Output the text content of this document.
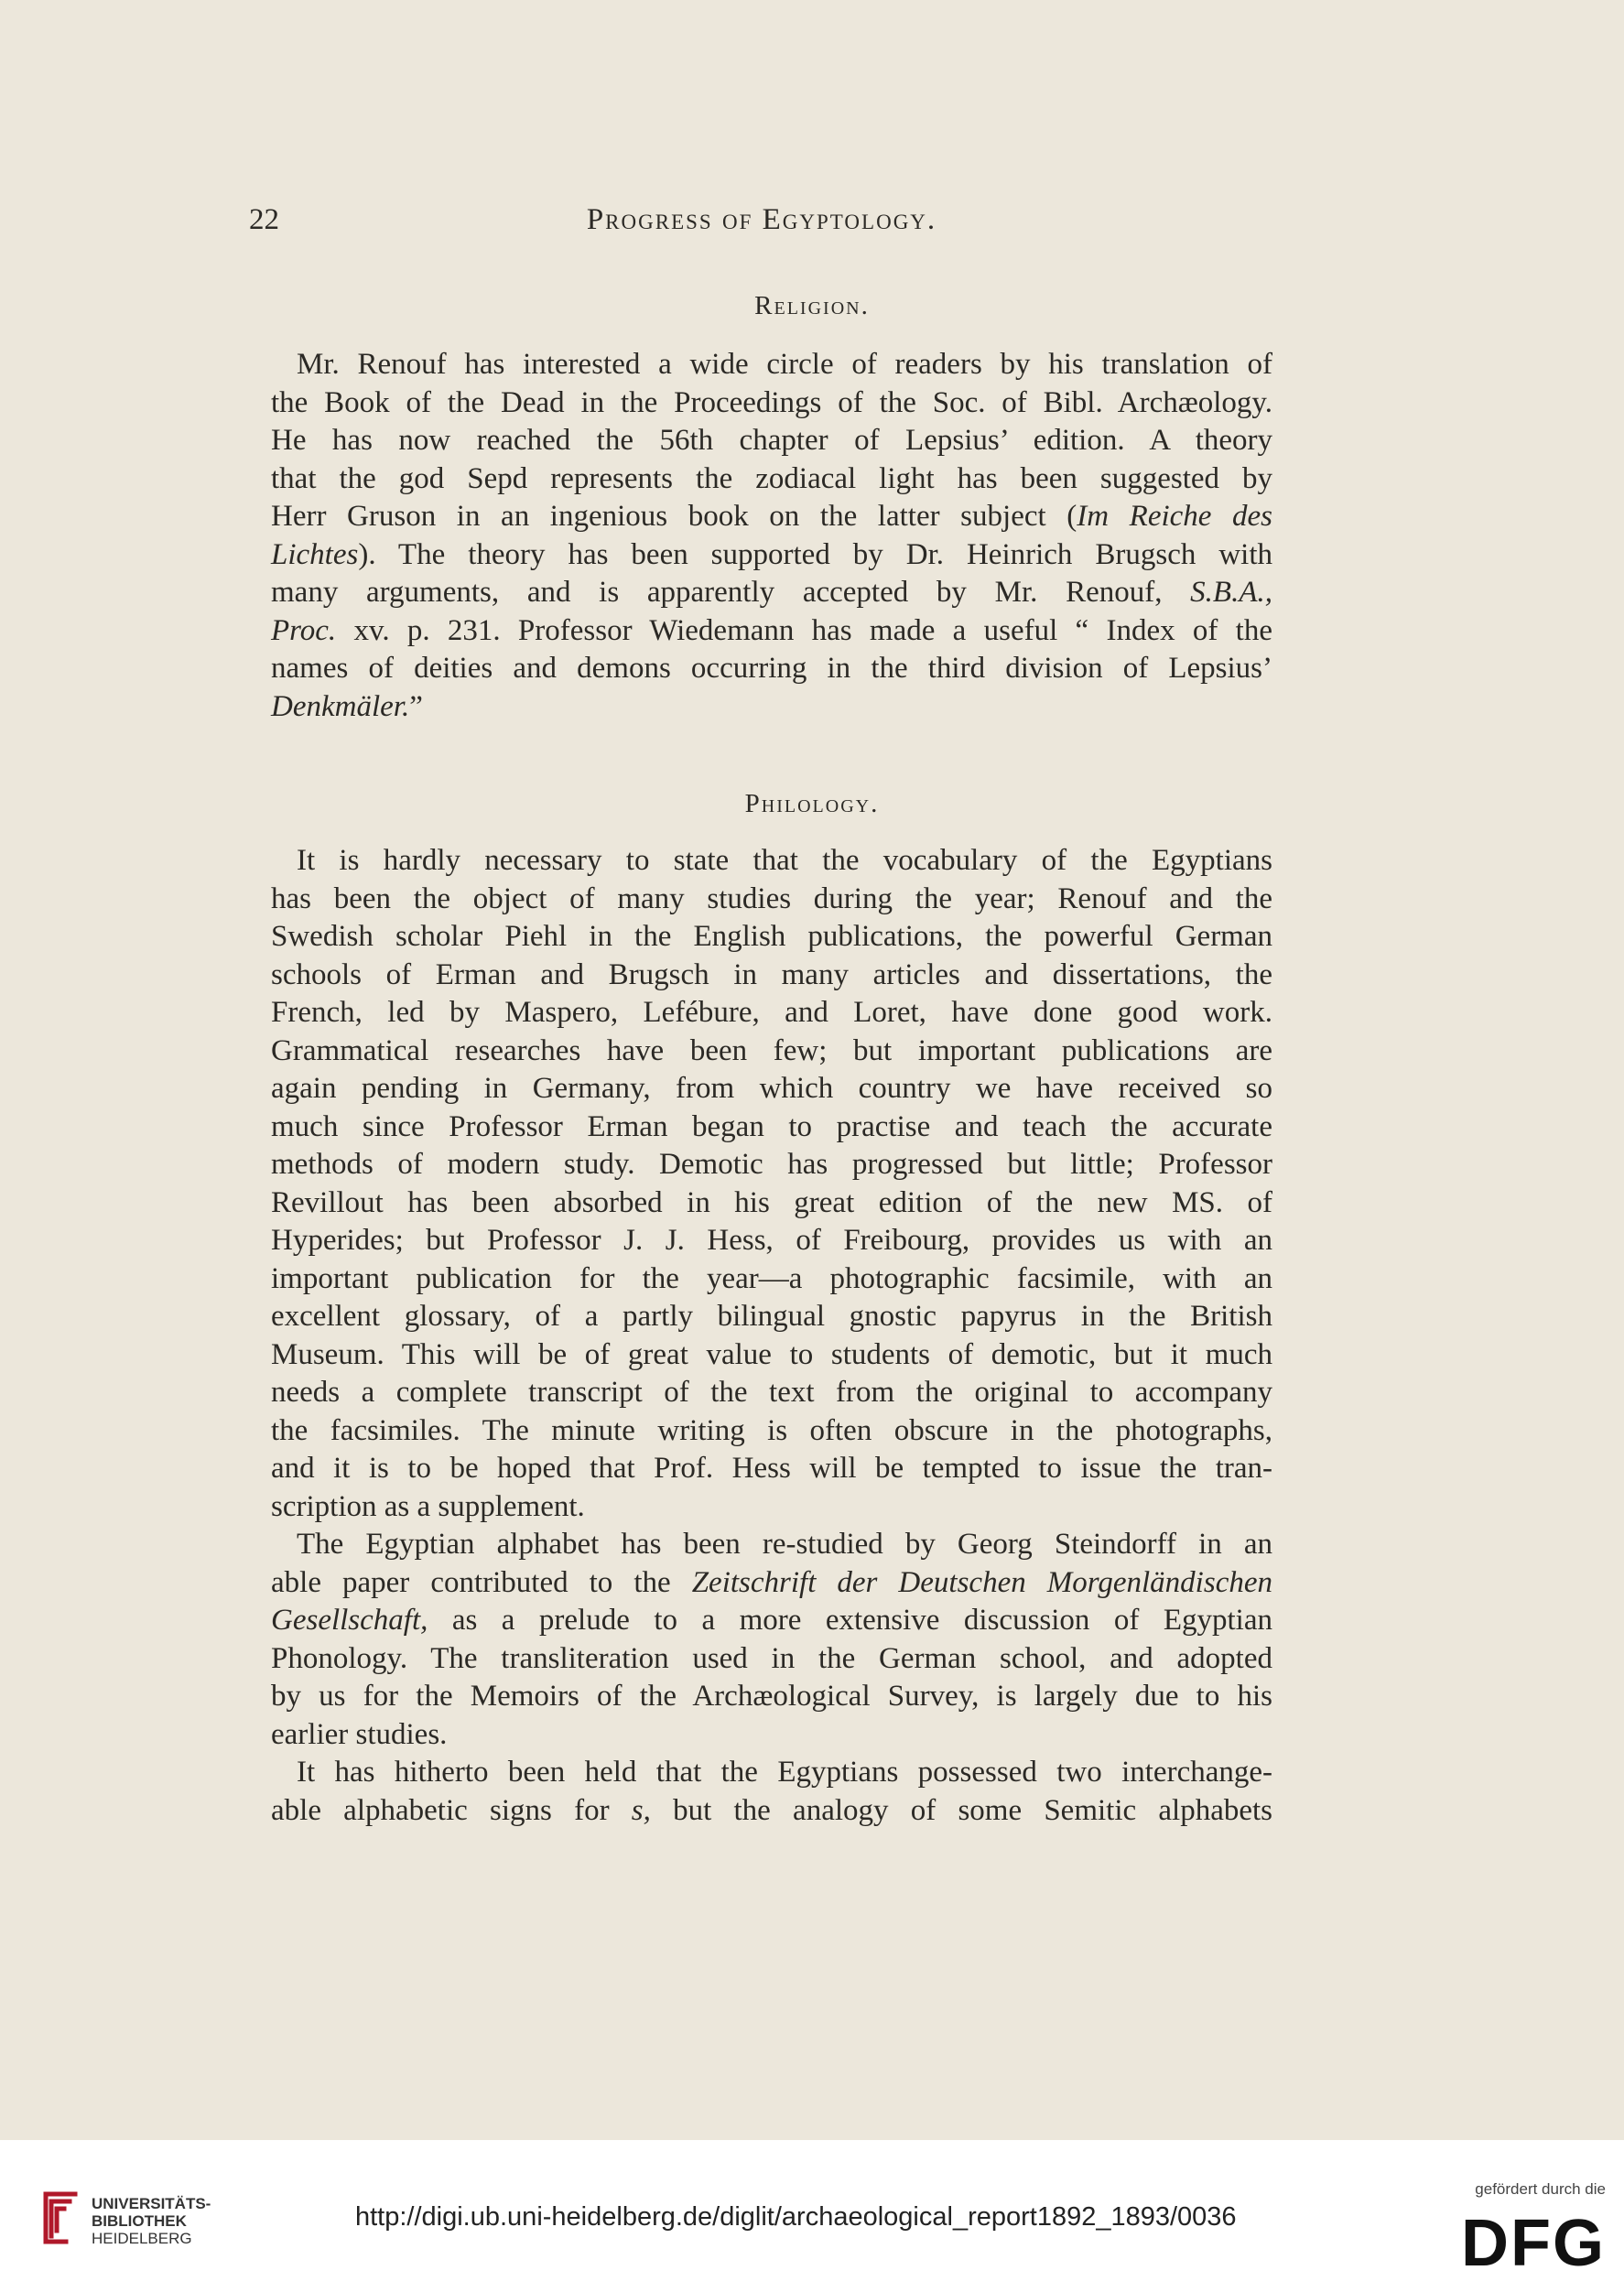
22	Progress of Egyptology.
Religion.
Mr. Renouf has interested a wide circle of readers by his translation of
the Book of the Dead in the Proceedings of the Soc. of Bibl. Archæology.
He has now reached the 56th chapter of Lepsius’ edition. A theory
that the god Sepd represents the zodiacal light has been suggested by
Herr Gruson in an ingenious book on the latter subject (Im Reiche des
Lichtes). The theory has been supported by Dr. Heinrich Brugsch with
many arguments, and is apparently accepted by Mr. Renouf, S.B.A.,
Proc. xv. p. 231. Professor Wiedemann has made a useful “ Index of the
names of deities and demons occurring in the third division of Lepsius’
Denkmäler.”
Philology.
It is hardly necessary to state that the vocabulary of the Egyptians
has been the object of many studies during the year; Renouf and the
Swedish scholar Piehl in the English publications, the powerful German
schools of Erman and Brugsch in many articles and dissertations, the
French, led by Maspero, Lefébure, and Loret, have done good work.
Grammatical researches have been few; but important publications are
again pending in Germany, from which country we have received so
much since Professor Erman began to practise and teach the accurate
methods of modern study. Demotic has progressed but little; Professor
Revillout has been absorbed in his great edition of the new MS. of
Hyperides; but Professor J. J. Hess, of Freibourg, provides us with an
important publication for the year—a photographic facsimile, with an
excellent glossary, of a partly bilingual gnostic papyrus in the British
Museum. This will be of great value to students of demotic, but it much
needs a complete transcript of the text from the original to accompany
the facsimiles. The minute writing is often obscure in the photographs,
and it is to be hoped that Prof. Hess will be tempted to issue the tran-
scription as a supplement.
The Egyptian alphabet has been re-studied by Georg Steindorff in an
able paper contributed to the Zeitschrift der Deutschen Morgenländischen
Gesellschaft, as a prelude to a more extensive discussion of Egyptian
Phonology. The transliteration used in the German school, and adopted
by us for the Memoirs of the Archæological Survey, is largely due to his
earlier studies.
It has hitherto been held that the Egyptians possessed two interchange-
able alphabetic signs for s, but the analogy of some Semitic alphabets
UNIVERSITÄTS-
BIBLIOTHEK
HEIDELBERG
http://digi.ub.uni-heidelberg.de/diglit/archaeological_report1892_1893/0036
gefördert durch die
DFG
